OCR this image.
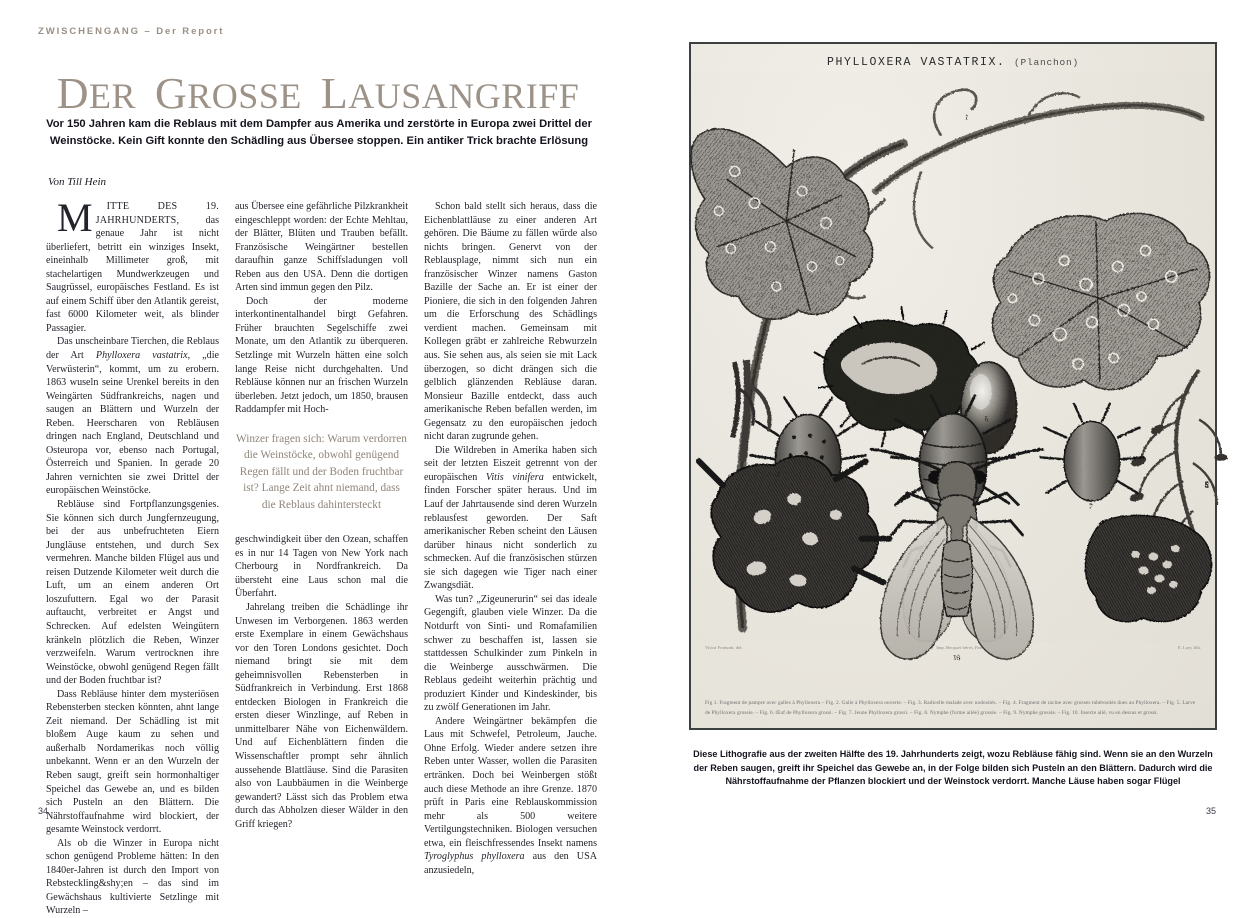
ZWISCHENGANG – Der Report
DER  GROSSE  LAUSANGRIFF
Vor 150 Jahren kam die Reblaus mit dem Dampfer aus Amerika und zerstörte in Europa zwei Drittel der Weinstöcke. Kein Gift konnte den Schädling aus Übersee stoppen. Ein antiker Trick brachte Erlösung
Von Till Hein

M ITTE DES 19. JAHRHUNDERTS, das genaue Jahr ist nicht überliefert, betritt ein winziges Insekt, eineinhalb Millimeter groß, mit stachelartigen Mundwerkzeugen und Saugrüssel, europäisches Festland. Es ist auf einem Schiff über den Atlantik gereist, fast 6000 Kilometer weit, als blinder Passagier.

Das unscheinbare Tierchen, die Reblaus der Art Phylloxera vastatrix, „die Verwüsterin“, kommt, um zu erobern. 1863 wuseln seine Urenkel bereits in den Weingärten Südfrankreichs, nagen und saugen an Blättern und Wurzeln der Reben. Heerscharen von Rebläusen dringen nach England, Deutschland und Osteuropa vor, ebenso nach Portugal, Österreich und Spanien. In gerade 20 Jahren vernichten sie zwei Drittel der europäischen Weinstöcke.

Rebläuse sind Fortpflanzungsgenies. Sie können sich durch Jungfernzeugung, bei der aus unbefruchteten Eiern Jungläuse entstehen, und durch Sex vermehren. Manche bilden Flügel aus und reisen Dutzende Kilometer weit durch die Luft, um an einem anderen Ort loszufuttern. Egal wo der Parasit auftaucht, verbreitet er Angst und Schrecken. Auf edelsten Weingütern kränkeln plötzlich die Reben, Winzer verzweifeln. Warum vertrocknen ihre Weinstöcke, obwohl genügend Regen fällt und der Boden fruchtbar ist?

Dass Rebläuse hinter dem mysteriösen Rebensterben stecken könnten, ahnt lange Zeit niemand. Der Schädling ist mit bloßem Auge kaum zu sehen und außerhalb Nordamerikas noch völlig unbekannt. Wenn er an den Wurzeln der Reben saugt, greift sein hormonhaltiger Speichel das Gewebe an, und es bilden sich Pusteln an den Blättern. Die Nährstoffaufnahme wird blockiert, der gesamte Weinstock verdorrt.

Als ob die Winzer in Europa nicht schon genügend Probleme hätten: In den 1840er-Jahren ist durch den Import von Rebsteckling&shy;en – das sind im Gewächshaus kultivierte Setzlinge mit Wurzeln –

aus Übersee eine gefährliche Pilzkrankheit eingeschleppt worden: der Echte Mehltau, der Blätter, Blüten und Trauben befällt. Französische Weingärtner bestellen daraufhin ganze Schiffsladungen voll Reben aus den USA. Denn die dortigen Arten sind immun gegen den Pilz.

Doch der moderne interkontinentalhandel birgt Gefahren. Früher brauchten Segelschiffe zwei Monate, um den Atlantik zu überqueren. Setzlinge mit Wurzeln hätten eine solch lange Reise nicht durchgehalten. Und Rebläuse können nur an frischen Wurzeln überleben. Jetzt jedoch, um 1850, brausen Raddampfer mit Hoch-

Winzer fragen sich: Warum verdorren die Weinstöcke, obwohl genügend Regen fällt und der Boden fruchtbar ist? Lange Zeit ahnt niemand, dass die Reblaus dahintersteckt

geschwindigkeit über den Ozean, schaffen es in nur 14 Tagen von New York nach Cherbourg in Nordfrankreich. Da übersteht eine Laus schon mal die Überfahrt.

Jahrelang treiben die Schädlinge ihr Unwesen im Verborgenen. 1863 werden erste Exemplare in einem Gewächshaus vor den Toren Londons gesichtet. Doch niemand bringt sie mit dem geheimnisvollen Rebensterben in Südfrankreich in Verbindung. Erst 1868 entdecken Biologen in Frankreich die ersten dieser Winzlinge, auf Reben in unmittelbarer Nähe von Eichenwäldern. Und auf Eichenblättern finden die Wissenschaftler prompt sehr ähnlich aussehende Blattläuse. Sind die Parasiten also von Laubbäumen in die Weinberge gewandert? Lässt sich das Problem etwa durch das Abholzen dieser Wälder in den Griff kriegen?

Schon bald stellt sich heraus, dass die Eichenblattläuse zu einer anderen Art gehören. Die Bäume zu fällen würde also nichts bringen. Genervt von der Reblausplage, nimmt sich nun ein französischer Winzer namens Gaston Bazille der Sache an. Er ist einer der Pioniere, die sich in den folgenden Jahren um die Erforschung des Schädlings verdient machen. Gemeinsam mit Kollegen gräbt er zahlreiche Rebwurzeln aus. Sie sehen aus, als seien sie mit Lack überzogen, so dicht drängen sich die gelblich glänzenden Rebläuse daran. Monsieur Bazille entdeckt, dass auch amerikanische Reben befallen werden, im Gegensatz zu den europäischen jedoch nicht daran zugrunde gehen.

Die Wildreben in Amerika haben sich seit der letzten Eiszeit getrennt von der europäischen Vitis vinifera entwickelt, finden Forscher später heraus. Und im Lauf der Jahrtausende sind deren Wurzeln reblausfest geworden. Der Saft amerikanischer Reben scheint den Läusen darüber hinaus nicht sonderlich zu schmecken. Auf die französischen stürzen sie sich dagegen wie Tiger nach einer Zwangsdiät.

Was tun? „Zigeunerurin“ sei das ideale Gegengift, glauben viele Winzer. Da die Notdurft von Sinti- und Romafamilien schwer zu beschaffen ist, lassen sie stattdessen Schulkinder zum Pinkeln in die Weinberge ausschwärmen. Die Reblaus gedeiht weiterhin prächtig und produziert Kinder und Kindeskinder, bis zu zwölf Generationen im Jahr.

Andere Weingärtner bekämpfen die Laus mit Schwefel, Petroleum, Jauche. Ohne Erfolg. Wieder andere setzen ihre Reben unter Wasser, wollen die Parasiten ertränken. Doch bei Weinbergen stößt auch diese Methode an ihre Grenze. 1870 prüft in Paris eine Reblauskommission mehr als 500 weitere Vertilgungstechniken. Biologen versuchen etwa, ein fleischfressendes Insekt namens Tyroglyphus phylloxera aus den USA anzusiedeln,

34
PHYLLOXERA VASTATRIX. (Planchon)
1
2
3
6
5
7
4
10
Victor Fromont, del.	Imp. Becquet frères, Paris	E. Lary, lith.
Fig 1. Fragment de pampre avec galles à Phylloxera – Fig. 2. Galle à Phylloxera ouverte. – Fig. 3. Radicelle malade avec nodosités. – Fig. 4. Fragment de racine avec grosses tubérosités dues au Phylloxera. – Fig. 5. Larve de Phylloxera grossie. – Fig. 6. Œuf de Phylloxera grossi. – Fig. 7. Jeune Phylloxera grossi. – Fig. 8. Nymphe (forme ailée) grossie. – Fig. 9. Nymphe grossie. – Fig. 10. Insecte ailé, vu en dessus et grossi.
Diese Lithografie aus der zweiten Hälfte des 19. Jahrhunderts zeigt, wozu Rebläuse fähig sind. Wenn sie an den Wurzeln der Reben saugen, greift ihr Speichel das Gewebe an, in der Folge bilden sich Pusteln an den Blättern. Dadurch wird die Nährstoffaufnahme der Pflanzen blockiert und der Weinstock verdorrt. Manche Läuse haben sogar Flügel
35
